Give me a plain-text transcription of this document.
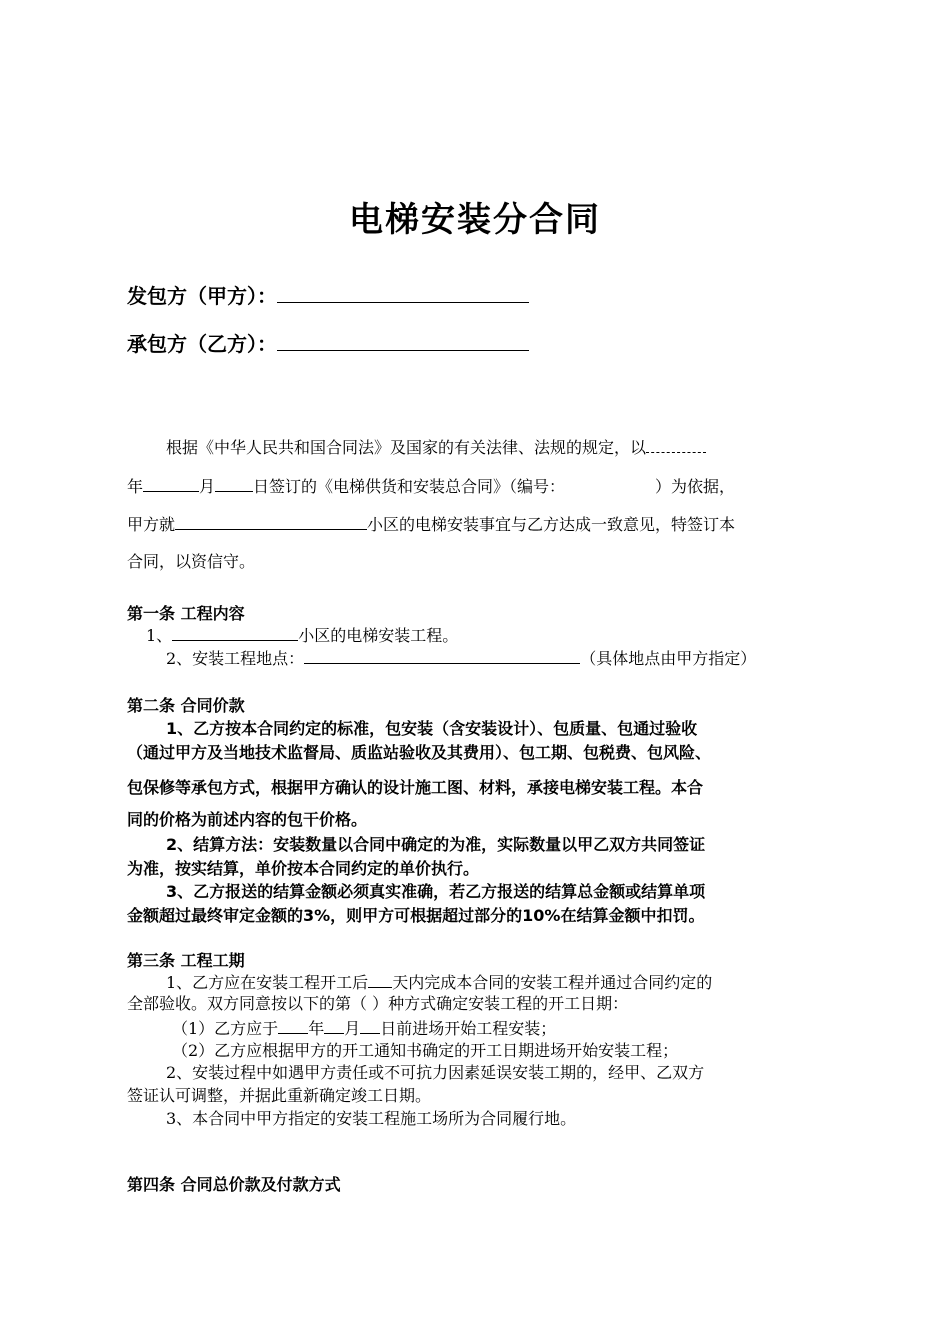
电梯安装分合同
发包方（甲方）：
承包方（乙方）：
根据《中华人民共和国合同法》及国家的有关法律、法规的规定，以
年	月 日签订的《电梯供货和安装总合同》（编号：	）为依据，
甲方就	小区的电梯安装事宜与乙方达成一致意见，特签订本
合同，以资信守。
第一条 工程内容
1、	小区的电梯安装工程。
2、安装工程地点：	（具体地点由甲方指定）
第二条 合同价款
1、乙方按本合同约定的标准，包安装（含安装设计）、包质量、包通过验收
（通过甲方及当地技术监督局、质监站验收及其费用）、包工期、包税费、包风险、
包保修等承包方式，根据甲方确认的设计施工图、材料，承接电梯安装工程。本合
同的价格为前述内容的包干价格。
2、结算方法：安装数量以合同中确定的为准，实际数量以甲乙双方共同签证
为准，按实结算，单价按本合同约定的单价执行。
3、乙方报送的结算金额必须真实准确，若乙方报送的结算总金额或结算单项
金额超过最终审定金额的3%，则甲方可根据超过部分的10%在结算金额中扣罚。
第三条 工程工期
1、乙方应在安装工程开工后 天内完成本合同的安装工程并通过合同约定的
全部验收。双方同意按以下的第（ ）种方式确定安装工程的开工日期：
（1）乙方应于 年 月 日前进场开始工程安装；
（2）乙方应根据甲方的开工通知书确定的开工日期进场开始安装工程；
2、安装过程中如遇甲方责任或不可抗力因素延误安装工期的，经甲、乙双方
签证认可调整，并据此重新确定竣工日期。
3、本合同中甲方指定的安装工程施工场所为合同履行地。
第四条 合同总价款及付款方式
